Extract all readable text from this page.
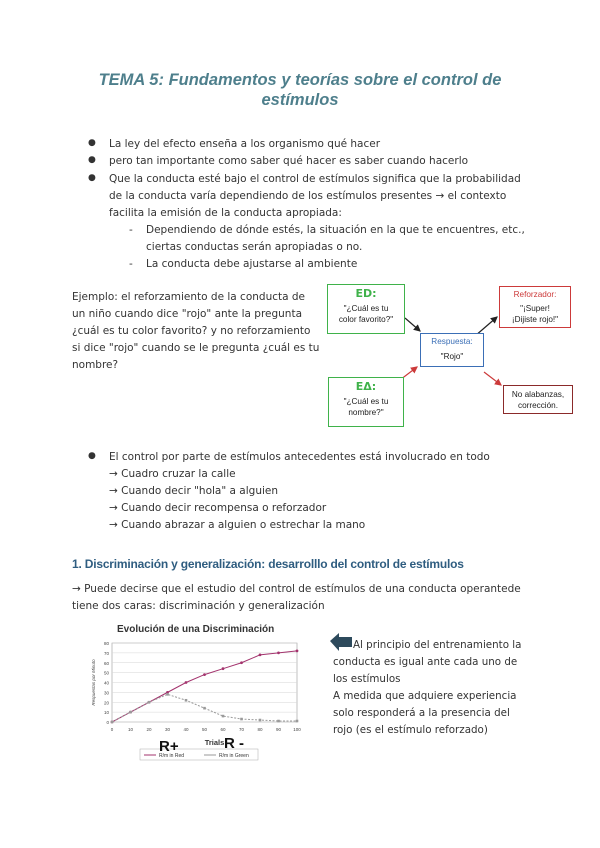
TEMA 5: Fundamentos y teorías sobre el control de
estímulos
● La ley del efecto enseña a los organismo qué hacer
● pero tan importante como saber qué hacer es saber cuando hacerlo
● Que la conducta esté bajo el control de estímulos significa que la probabilidad
de la conducta varía dependiendo de los estímulos presentes → el contexto
facilita la emisión de la conducta apropiada:
- Dependiendo de dónde estés, la situación en la que te encuentres, etc.,
ciertas conductas serán apropiadas o no.
- La conducta debe ajustarse al ambiente
Ejemplo: el reforzamiento de la conducta de
un niño cuando dice "rojo" ante la pregunta
¿cuál es tu color favorito? y no reforzamiento
si dice "rojo" cuando se le pregunta ¿cuál es tu
nombre?
ED:
"¿Cuál es tu
color favorito?"
EΔ:
"¿Cuál es tu
nombre?"
Respuesta:
"Rojo"
Reforzador:
"¡Super!
¡Dijiste rojo!"
No alabanzas,
corrección.
● El control por parte de estímulos antecedentes está involucrado en todo
→ Cuadro cruzar la calle
→ Cuando decir "hola" a alguien
→ Cuando decir recompensa o reforzador
→ Cuando abrazar a alguien o estrechar la mano
1. Discriminación y generalización: desarrolllo del control de estímulos
→ Puede decirse que el estudio del control de estímulos de una conducta operantede
tiene dos caras: discriminación y generalización
Evolución de una Discriminación
0
10
20
30
40
50
60
70
80
0	10	20	30	40	50	60	70	80	90	100
Trials
Respuestas por Minuto
R/m in Red	R/m in Green
R+	R -
Al principio del entrenamiento la
conducta es igual ante cada uno de
los estímulos
A medida que adquiere experiencia
solo responderá a la presencia del
rojo (es el estímulo reforzado)
